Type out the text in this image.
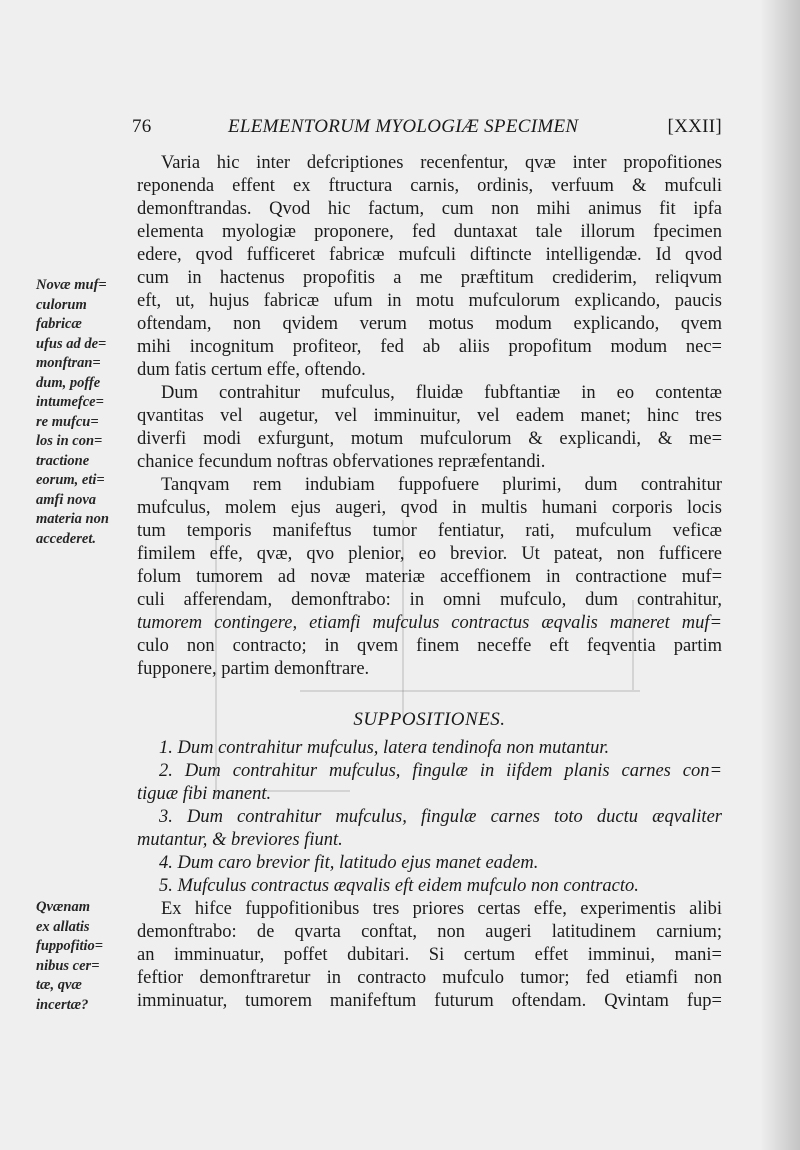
76	ELEMENTORUM MYOLOGIÆ SPECIMEN	[XXII]
Novæ muf=
culorum
fabricæ
ufus ad de=
monftran=
dum, poffe
intumefce=
re mufcu=
los in con=
tractione
eorum, eti=
amfi nova
materia non
accederet.
Qvænam
ex allatis
fuppofitio=
nibus cer=
tæ, qvæ
incertæ?
Varia hic inter defcriptiones recenfentur, qvæ inter propofitiones
reponenda effent ex ftructura carnis, ordinis, verfuum & mufculi
demonftrandas. Qvod hic factum, cum non mihi animus fit ipfa
elementa myologiæ proponere, fed duntaxat tale illorum fpecimen
edere, qvod fufficeret fabricæ mufculi diftincte intelligendæ. Id qvod
cum in hactenus propofitis a me præftitum crediderim, reliqvum
eft, ut, hujus fabricæ ufum in motu mufculorum explicando, paucis
oftendam, non qvidem verum motus modum explicando, qvem
mihi incognitum profiteor, fed ab aliis propofitum modum nec=
dum fatis certum effe, oftendo.
Dum contrahitur mufculus, fluidæ fubftantiæ in eo contentæ
qvantitas vel augetur, vel imminuitur, vel eadem manet; hinc tres
diverfi modi exfurgunt, motum mufculorum & explicandi, & me=
chanice fecundum noftras obfervationes repræfentandi.
Tanqvam rem indubiam fuppofuere plurimi, dum contrahitur
mufculus, molem ejus augeri, qvod in multis humani corporis locis
tum temporis manifeftus tumor fentiatur, rati, mufculum veficæ
fimilem effe, qvæ, qvo plenior, eo brevior. Ut pateat, non fufficere
folum tumorem ad novæ materiæ acceffionem in contractione muf=
culi afferendam, demonftrabo: in omni mufculo, dum contrahitur,
tumorem contingere, etiamfi mufculus contractus æqvalis maneret muf=
culo non contracto; in qvem finem neceffe eft feqventia partim
fupponere, partim demonftrare.
SUPPOSITIONES.
1. Dum contrahitur mufculus, latera tendinofa non mutantur.
2. Dum contrahitur mufculus, fingulæ in iifdem planis carnes con=
tiguæ fibi manent.
3. Dum contrahitur mufculus, fingulæ carnes toto ductu æqvaliter
mutantur, & breviores fiunt.
4. Dum caro brevior fit, latitudo ejus manet eadem.
5. Mufculus contractus æqvalis eft eidem mufculo non contracto.
Ex hifce fuppofitionibus tres priores certas effe, experimentis alibi
demonftrabo: de qvarta conftat, non augeri latitudinem carnium;
an imminuatur, poffet dubitari. Si certum effet imminui, mani=
feftior demonftraretur in contracto mufculo tumor; fed etiamfi non
imminuatur, tumorem manifeftum futurum oftendam. Qvintam fup=
